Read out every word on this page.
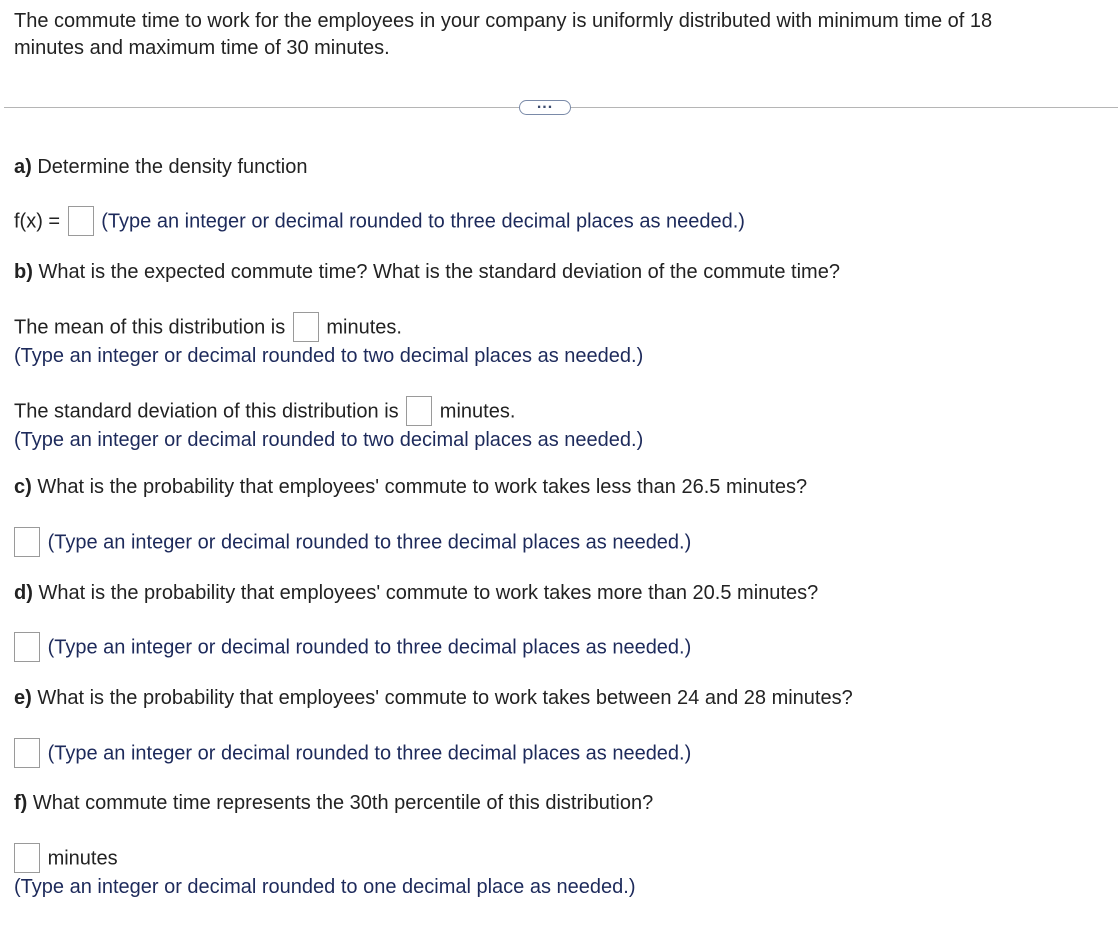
The commute time to work for the employees in your company is uniformly distributed with minimum time of 18
minutes and maximum time of 30 minutes.
...
a) Determine the density function
f(x) = (Type an integer or decimal rounded to three decimal places as needed.)
b) What is the expected commute time? What is the standard deviation of the commute time?
The mean of this distribution is minutes.
(Type an integer or decimal rounded to two decimal places as needed.)
The standard deviation of this distribution is minutes.
(Type an integer or decimal rounded to two decimal places as needed.)
c) What is the probability that employees' commute to work takes less than 26.5 minutes?
(Type an integer or decimal rounded to three decimal places as needed.)
d) What is the probability that employees' commute to work takes more than 20.5 minutes?
(Type an integer or decimal rounded to three decimal places as needed.)
e) What is the probability that employees' commute to work takes between 24 and 28 minutes?
(Type an integer or decimal rounded to three decimal places as needed.)
f) What commute time represents the 30th percentile of this distribution?
minutes
(Type an integer or decimal rounded to one decimal place as needed.)
